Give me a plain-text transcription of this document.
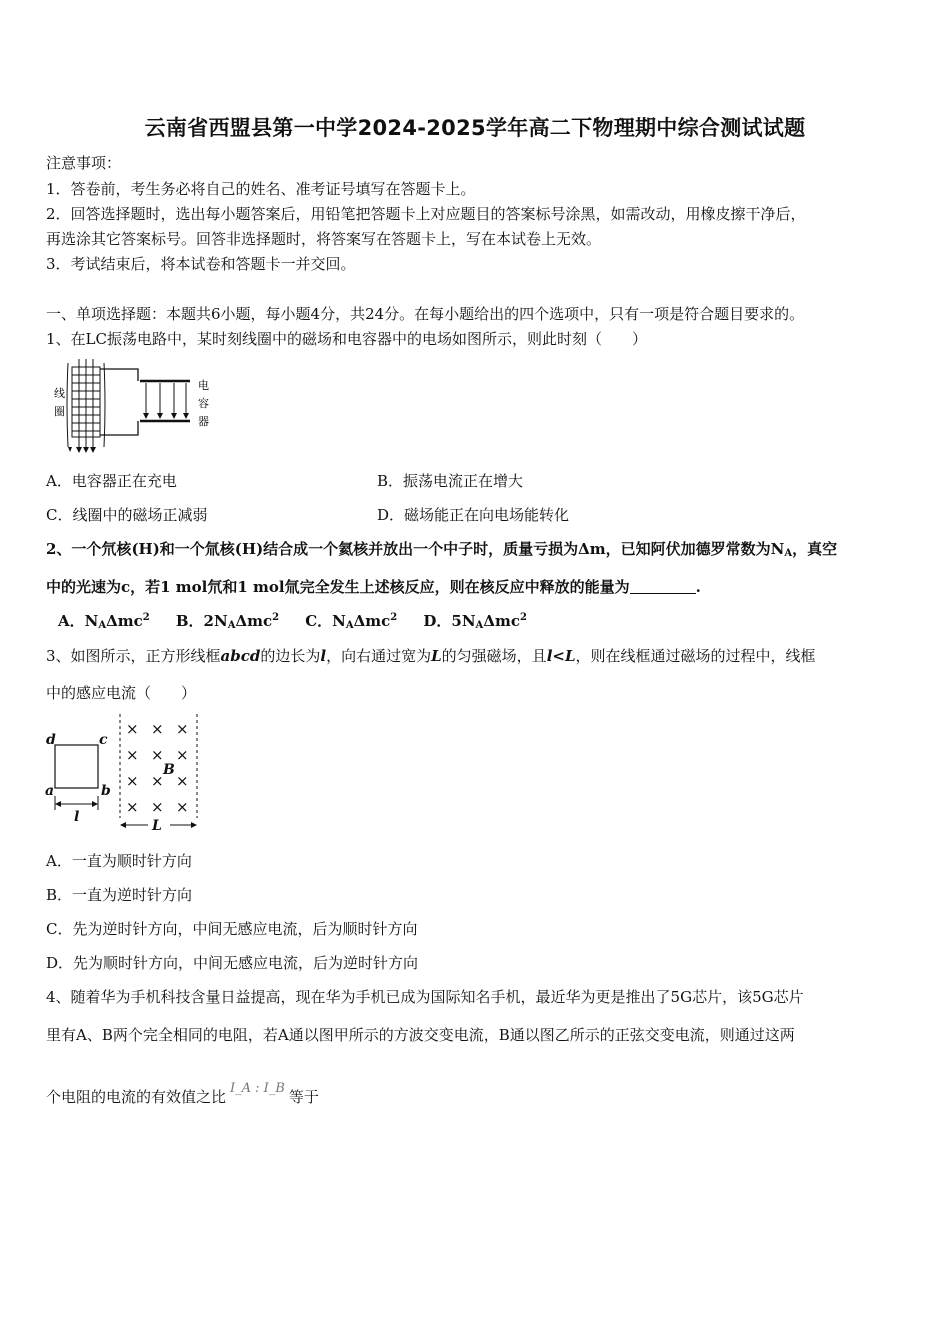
云南省西盟县第一中学2024-2025学年高二下物理期中综合测试试题
注意事项：
1．答卷前，考生务必将自己的姓名、准考证号填写在答题卡上。
2．回答选择题时，选出每小题答案后，用铅笔把答题卡上对应题目的答案标号涂黑，如需改动，用橡皮擦干净后，
再选涂其它答案标号。回答非选择题时，将答案写在答题卡上，写在本试卷上无效。
3．考试结束后，将本试卷和答题卡一并交回。
一、单项选择题：本题共6小题，每小题4分，共24分。在每小题给出的四个选项中，只有一项是符合题目要求的。
1、在LC振荡电路中，某时刻线圈中的磁场和电容器中的电场如图所示，则此时刻（　　）
线
圈
电
容
器
A．电容器正在充电	B．振荡电流正在增大
C．线圈中的磁场正减弱	D．磁场能正在向电场能转化
2、一个氘核(H)和一个氚核(H)结合成一个氦核并放出一个中子时，质量亏损为Δm，已知阿伏加德罗常数为$N_A$，真空
中的光速为c，若1 mol氘和1 mol氚完全发生上述核反应，则在核反应中释放的能量为	.
A．$N_A\Delta mc^2$ B．$2N_A\Delta mc^2$ C．$N_A\Delta mc^2$ D．$5N_A\Delta mc^2$
3、如图所示，正方形线框abcd的边长为l，向右通过宽为L的匀强磁场，且l<L，则在线框通过磁场的过程中，线框
中的感应电流（　　）
d	c
a	b
l
L
B
× × ×
× × ×
× × ×
× × ×
A．一直为顺时针方向
B．一直为逆时针方向
C．先为逆时针方向，中间无感应电流，后为顺时针方向
D．先为顺时针方向，中间无感应电流，后为逆时针方向
4、随着华为手机科技含量日益提高，现在华为手机已成为国际知名手机，最近华为更是推出了5G芯片，该5G芯片
里有A、B两个完全相同的电阻，若A通以图甲所示的方波交变电流，B通以图乙所示的正弦交变电流，则通过这两
个电阻的电流的有效值之比 I_A : I_B 等于
